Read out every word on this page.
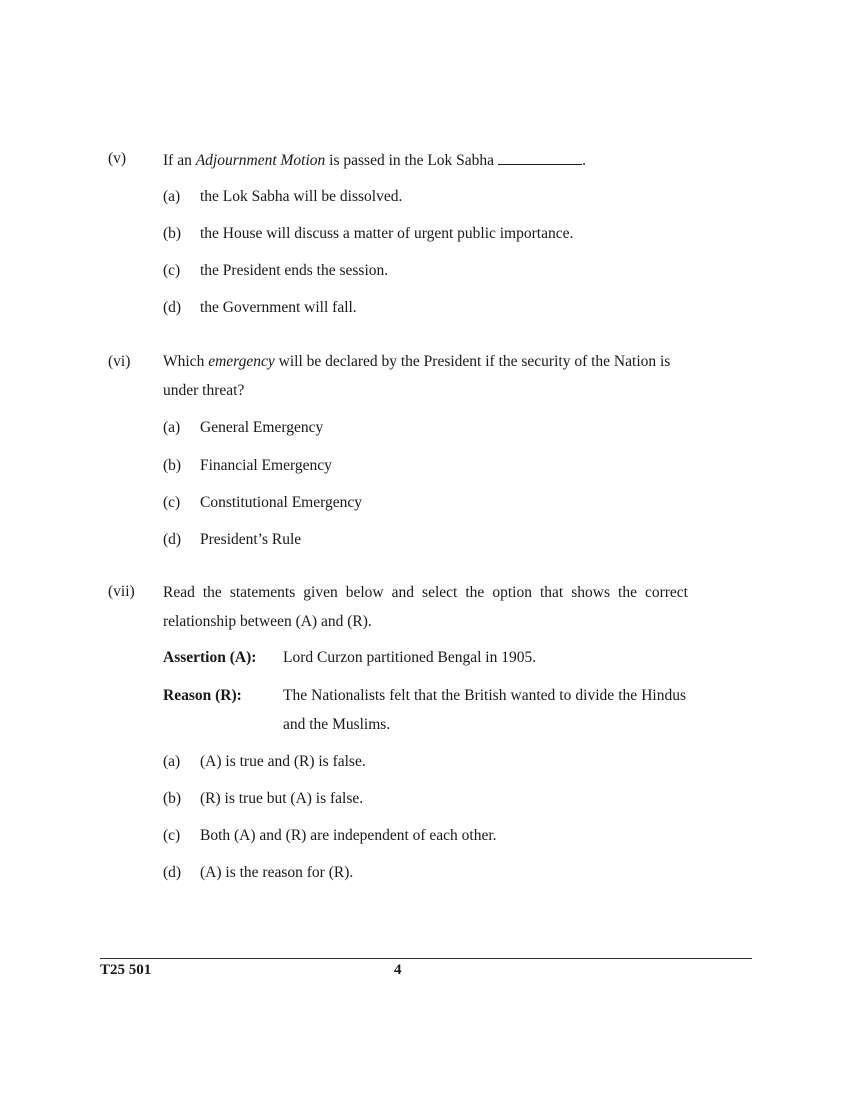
(v) If an Adjournment Motion is passed in the Lok Sabha	.
(a) the Lok Sabha will be dissolved.
(b) the House will discuss a matter of urgent public importance.
(c) the President ends the session.
(d) the Government will fall.
(vi) Which emergency will be declared by the President if the security of the Nation is under threat?
(a) General Emergency
(b) Financial Emergency
(c) Constitutional Emergency
(d) President’s Rule
(vii) Read the statements given below and select the option that shows the correct relationship between (A) and (R).
Assertion (A): Lord Curzon partitioned Bengal in 1905.
Reason (R):	The Nationalists felt that the British wanted to divide the Hindus and the Muslims.
(a) (A) is true and (R) is false.
(b) (R) is true but (A) is false.
(c) Both (A) and (R) are independent of each other.
(d) (A) is the reason for (R).
T25 501	4
